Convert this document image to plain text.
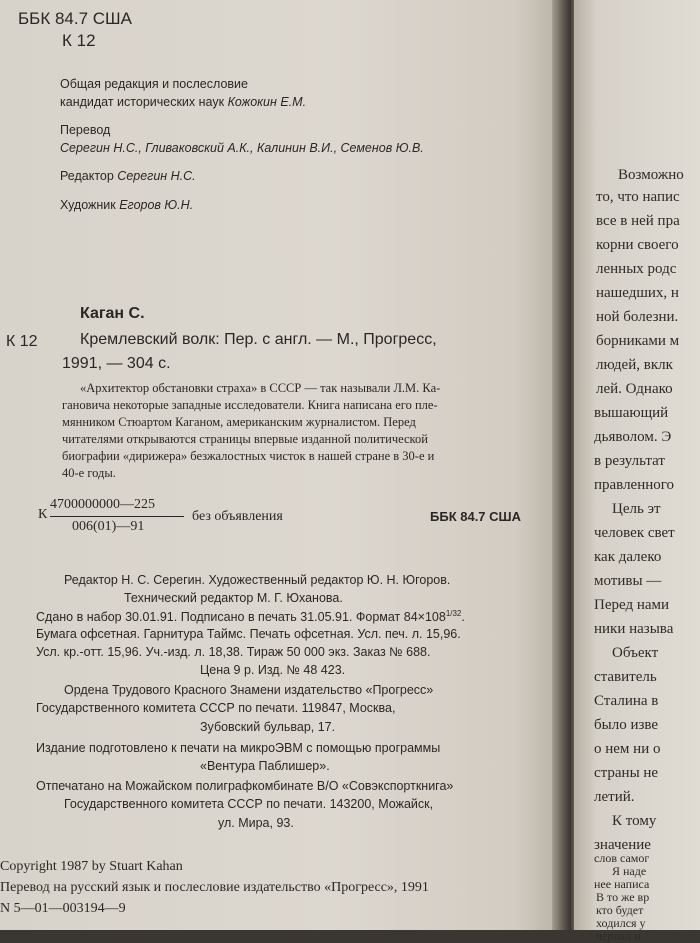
ББК 84.7 США
К 12
Общая редакция и послесловие
кандидат исторических наук Кожокин Е.М.
Перевод
Серегин Н.С., Гливаковский А.К., Калинин В.И., Семенов Ю.В.
Редактор Серегин Н.С.
Художник Егоров Ю.Н.
Каган С.
К 12	Кремлевский волк: Пер. с англ. — М., Прогресс,
1991, — 304 с.
«Архитектор обстановки страха» в СССР — так называли Л.М. Ка-
гановича некоторые западные исследователи. Книга написана его пле-
мянником Стюартом Каганом, американским журналистом. Перед
читателями открываются страницы впервые изданной политической
биографии «дирижера» безжалостных чисток в нашей стране в 30-е и
40-е годы.
К
4700000000—225
006(01)—91
без объявления	ББК 84.7 США
Редактор Н. С. Серегин. Художественный редактор Ю. Н. Югоров.
Технический редактор М. Г. Юханова.
Сдано в набор 30.01.91. Подписано в печать 31.05.91. Формат $84\times 108^{1/32}$.
Бумага офсетная. Гарнитура Таймс. Печать офсетная. Усл. печ. л. 15,96.
Усл. кр.-отт. 15,96. Уч.-изд. л. 18,38. Тираж 50 000 экз. Заказ № 688.
Цена 9 р. Изд. № 48 423.
Ордена Трудового Красного Знамени издательство «Прогресс»
Государственного комитета СССР по печати. 119847, Москва,
Зубовский бульвар, 17.
Издание подготовлено к печати на микроЭВМ с помощью программы
«Вентура Паблишер».
Отпечатано на Можайском полиграфкомбинате В/О «Совэкспорткнига»
Государственного комитета СССР по печати. 143200, Можайск,
ул. Мира, 93.
Copyright 1987 by Stuart Kahan
Перевод на русский язык и послесловие издательство «Прогресс», 1991
N 5—01—003194—9
Возможно
то, что напис
все в ней пра
корни своего
ленных родс
нашедших, н
ной болезни.
борниками м
людей, вклк
лей. Однако
вышающий
дьяволом. Э
в результат
правленного
Цель эт
человек свет
как далеко
мотивы —
Перед нами
ники называ
Объект
ставитель
Сталина в
было изве
о нем ни о
страны не
летий.
К тому
значение
слов самог
Я наде
нее написа
В то же вр
кто будет
ходился у
черпал и
